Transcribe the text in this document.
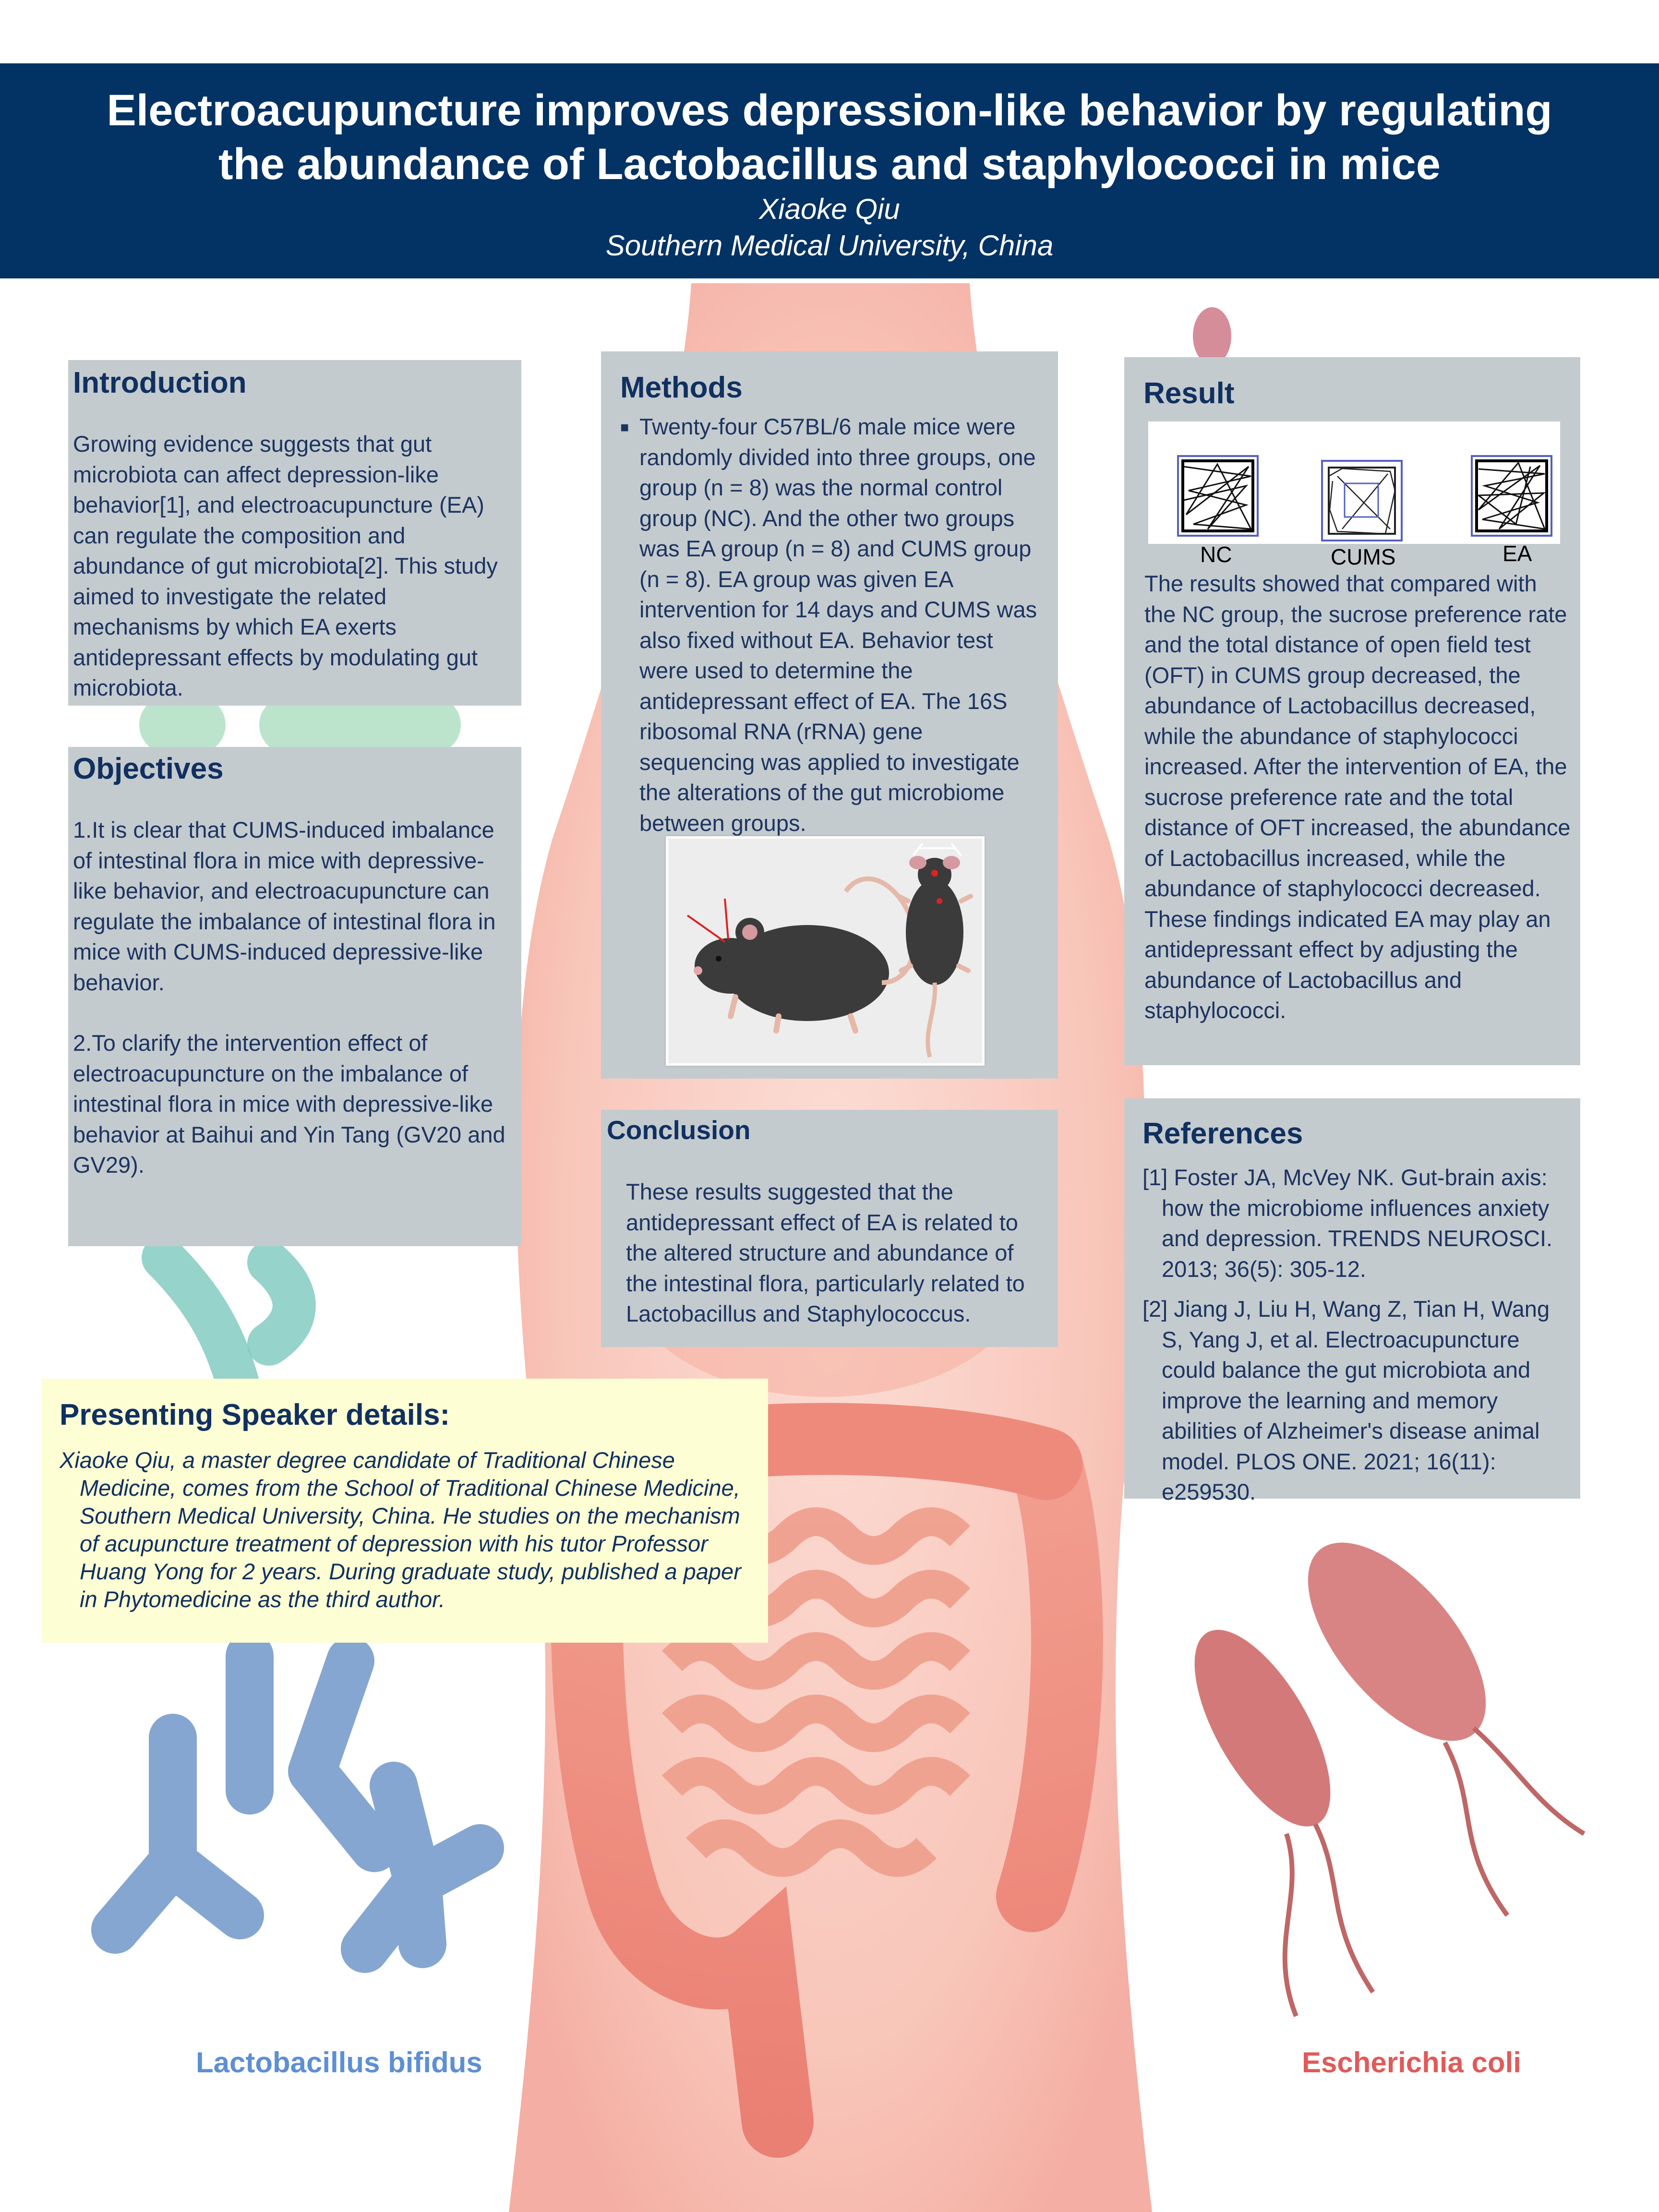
Electroacupuncture improves depression-like behavior by regulating
the abundance of Lactobacillus and staphylococci in mice

Xiaoke Qiu
Southern Medical University, China
Introduction

Growing evidence suggests that gut microbiota can affect depression-like behavior[1], and electroacupuncture (EA) can regulate the composition and abundance of gut microbiota[2]. This study aimed to investigate the related mechanisms by which EA exerts antidepressant effects by modulating gut microbiota.

Objectives

1.It is clear that CUMS-induced imbalance of intestinal flora in mice with depressive-like behavior, and electroacupuncture can regulate the imbalance of intestinal flora in mice with CUMS-induced depressive-like behavior.

2.To clarify the intervention effect of electroacupuncture on the imbalance of intestinal flora in mice with depressive-like behavior at Baihui and Yin Tang (GV20 and GV29).

Methods
■ Twenty-four C57BL/6 male mice were randomly divided into three groups, one group (n = 8) was the normal control group (NC). And the other two groups was EA group (n = 8) and CUMS group (n = 8). EA group was given EA intervention for 14 days and CUMS was also fixed without EA. Behavior test were used to determine the antidepressant effect of EA. The 16S ribosomal RNA (rRNA) gene sequencing was applied to investigate the alterations of the gut microbiome between groups.

Conclusion

These results suggested that the antidepressant effect of EA is related to the altered structure and abundance of the intestinal flora, particularly related to Lactobacillus and Staphylococcus.

Result
NC	CUMS	EA

The results showed that compared with the NC group, the sucrose preference rate and the total distance of open field test (OFT) in CUMS group decreased, the abundance of Lactobacillus decreased, while the abundance of staphylococci increased. After the intervention of EA, the sucrose preference rate and the total distance of OFT increased, the abundance of Lactobacillus increased, while the abundance of staphylococci decreased. These findings indicated EA may play an antidepressant effect by adjusting the abundance of Lactobacillus and staphylococci.

References

[1] Foster JA, McVey NK. Gut-brain axis: how the microbiome influences anxiety and depression. TRENDS NEUROSCI. 2013; 36(5): 305-12.

[2] Jiang J, Liu H, Wang Z, Tian H, Wang S, Yang J, et al. Electroacupuncture could balance the gut microbiota and improve the learning and memory abilities of Alzheimer's disease animal model. PLOS ONE. 2021; 16(11): e259530.

Presenting Speaker details:

Xiaoke Qiu, a master degree candidate of Traditional Chinese Medicine, comes from the School of Traditional Chinese Medicine, Southern Medical University, China. He studies on the mechanism of acupuncture treatment of depression with his tutor Professor Huang Yong for 2 years. During graduate study, published a paper in Phytomedicine as the third author.

Lactobacillus bifidus	Escherichia coli
